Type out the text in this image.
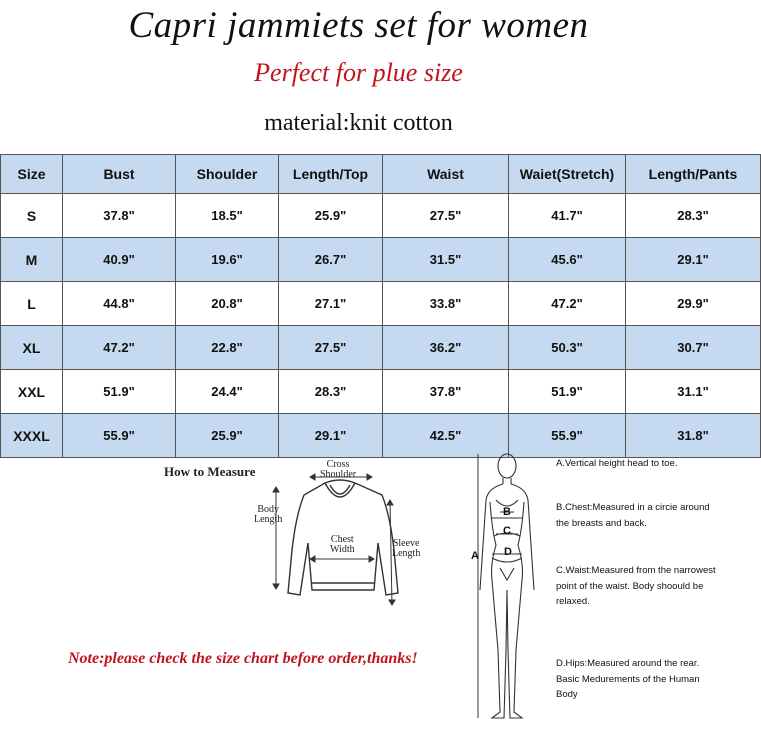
Capri jammiets set for women
Perfect for plue size
material:knit cotton
Size	Bust	Shoulder	Length/Top	Waist	Waiet(Stretch)	Length/Pants
S	37.8"	18.5"	25.9"	27.5"	41.7"	28.3"
M	40.9"	19.6"	26.7"	31.5"	45.6"	29.1"
L	44.8"	20.8"	27.1"	33.8"	47.2"	29.9"
XL	47.2"	22.8"	27.5"	36.2"	50.3"	30.7"
XXL	51.9"	24.4"	28.3"	37.8"	51.9"	31.1"
XXXL	55.9"	25.9"	29.1"	42.5"	55.9"	31.8"
How to Measure	Cross
Shoulder
Body
Length
Chest
Width
Sleeve
Length
Note:please check the size chart before order,thanks!
A
B
C
D
A.Vertical height head to toe.
B.Chest:Measured in a circie around the breasts and back.
C.Waist:Measured from the narrowest point of the waist. Body shoould be relaxed.
D.Hips:Measured around the rear. Basic Medurements of the Human Body
